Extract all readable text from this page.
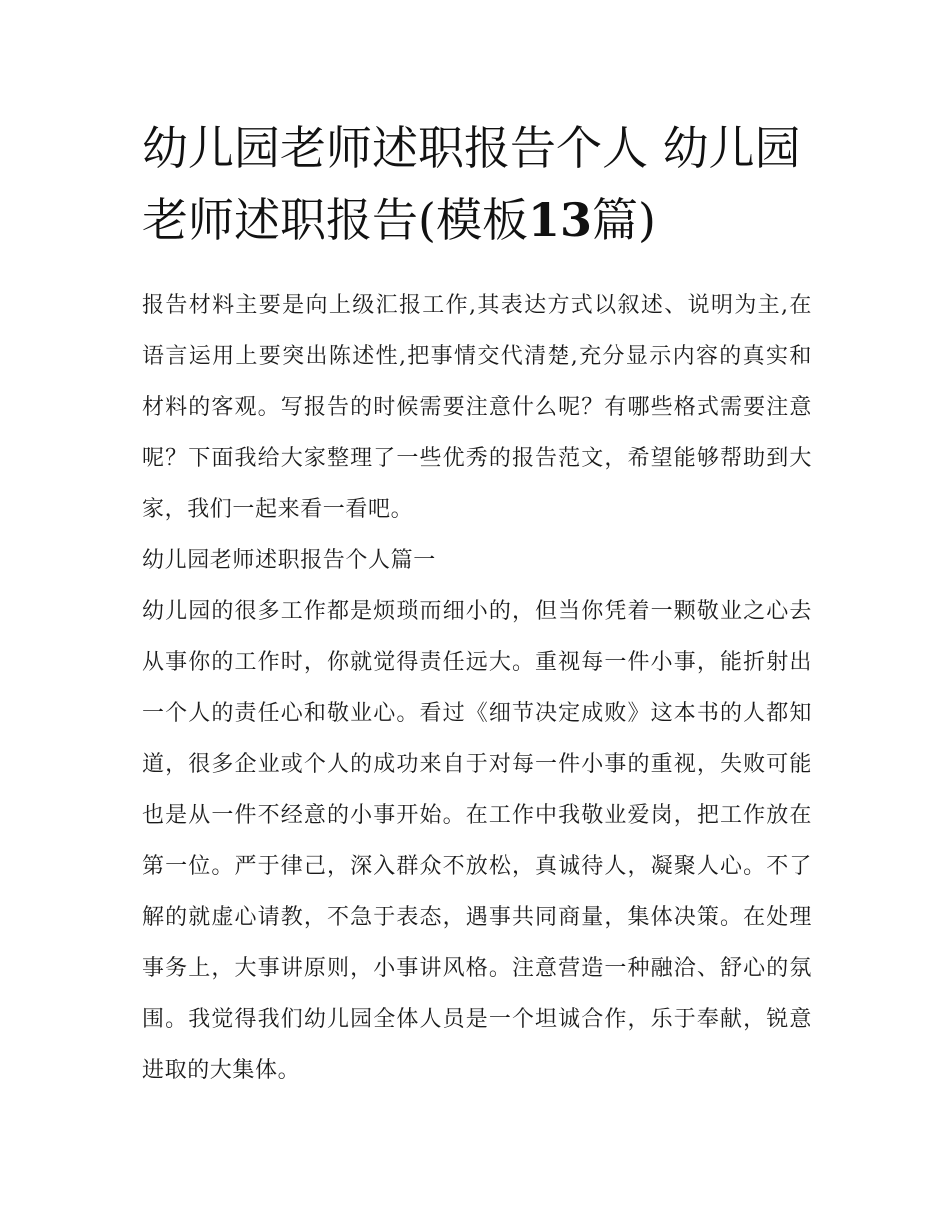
幼儿园老师述职报告个人 幼儿园老师述职报告(模板13篇)

报告材料主要是向上级汇报工作,其表达方式以叙述、说明为主,在语言运用上要突出陈述性,把事情交代清楚,充分显示内容的真实和材料的客观。写报告的时候需要注意什么呢？有哪些格式需要注意呢？下面我给大家整理了一些优秀的报告范文，希望能够帮助到大家，我们一起来看一看吧。

幼儿园老师述职报告个人篇一

幼儿园的很多工作都是烦琐而细小的，但当你凭着一颗敬业之心去从事你的工作时，你就觉得责任远大。重视每一件小事，能折射出一个人的责任心和敬业心。看过《细节决定成败》这本书的人都知道，很多企业或个人的成功来自于对每一件小事的重视，失败可能也是从一件不经意的小事开始。在工作中我敬业爱岗，把工作放在第一位。严于律己，深入群众不放松，真诚待人，凝聚人心。不了解的就虚心请教，不急于表态，遇事共同商量，集体决策。在处理事务上，大事讲原则，小事讲风格。注意营造一种融洽、舒心的氛围。我觉得我们幼儿园全体人员是一个坦诚合作，乐于奉献，锐意进取的大集体。
